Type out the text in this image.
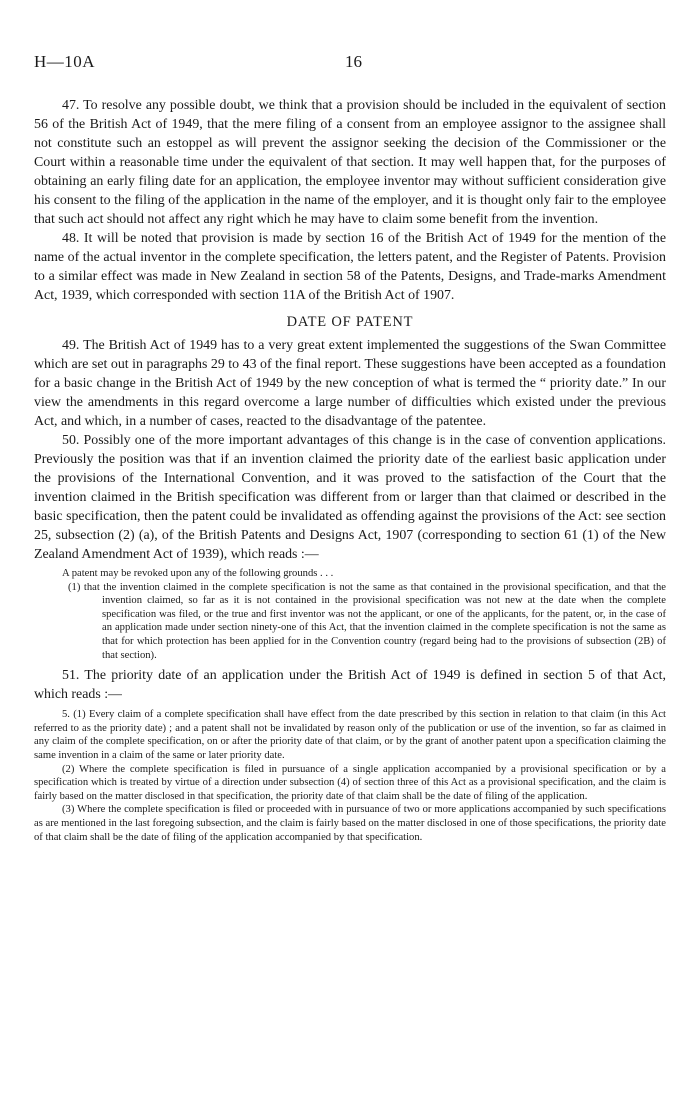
H—10A	16

47. To resolve any possible doubt, we think that a provision should be included in the equivalent of section 56 of the British Act of 1949, that the mere filing of a consent from an employee assignor to the assignee shall not constitute such an estoppel as will prevent the assignor seeking the decision of the Commissioner or the Court within a reasonable time under the equivalent of that section. It may well happen that, for the purposes of obtaining an early filing date for an application, the employee inventor may without sufficient consideration give his consent to the filing of the application in the name of the employer, and it is thought only fair to the employee that such act should not affect any right which he may have to claim some benefit from the invention.

48. It will be noted that provision is made by section 16 of the British Act of 1949 for the mention of the name of the actual inventor in the complete specification, the letters patent, and the Register of Patents. Provision to a similar effect was made in New Zealand in section 58 of the Patents, Designs, and Trade-marks Amendment Act, 1939, which corresponded with section 11A of the British Act of 1907.

DATE OF PATENT

49. The British Act of 1949 has to a very great extent implemented the suggestions of the Swan Committee which are set out in paragraphs 29 to 43 of the final report. These suggestions have been accepted as a foundation for a basic change in the British Act of 1949 by the new conception of what is termed the “ priority date.” In our view the amendments in this regard overcome a large number of difficulties which existed under the previous Act, and which, in a number of cases, reacted to the disadvantage of the patentee.

50. Possibly one of the more important advantages of this change is in the case of convention applications. Previously the position was that if an invention claimed the priority date of the earliest basic application under the provisions of the International Convention, and it was proved to the satisfaction of the Court that the invention claimed in the British specification was different from or larger than that claimed or described in the basic specification, then the patent could be invalidated as offending against the provisions of the Act: see section 25, subsection (2) (a), of the British Patents and Designs Act, 1907 (corresponding to section 61 (1) of the New Zealand Amendment Act of 1939), which reads :—

A patent may be revoked upon any of the following grounds . . .

(1) that the invention claimed in the complete specification is not the same as that contained in the provisional specification, and that the invention claimed, so far as it is not contained in the provisional specification was not new at the date when the complete specification was filed, or the true and first inventor was not the applicant, or one of the applicants, for the patent, or, in the case of an application made under section ninety-one of this Act, that the invention claimed in the complete specification is not the same as that for which protection has been applied for in the Convention country (regard being had to the provisions of subsection (2B) of that section).

51. The priority date of an application under the British Act of 1949 is defined in section 5 of that Act, which reads :—

5. (1) Every claim of a complete specification shall have effect from the date prescribed by this section in relation to that claim (in this Act referred to as the priority date) ; and a patent shall not be invalidated by reason only of the publication or use of the invention, so far as claimed in any claim of the complete specification, on or after the priority date of that claim, or by the grant of another patent upon a specification claiming the same invention in a claim of the same or later priority date.

(2) Where the complete specification is filed in pursuance of a single application accompanied by a provisional specification or by a specification which is treated by virtue of a direction under subsection (4) of section three of this Act as a provisional specification, and the claim is fairly based on the matter disclosed in that specification, the priority date of that claim shall be the date of filing of the application.

(3) Where the complete specification is filed or proceeded with in pursuance of two or more applications accompanied by such specifications as are mentioned in the last foregoing subsection, and the claim is fairly based on the matter disclosed in one of those specifications, the priority date of that claim shall be the date of filing of the application accompanied by that specification.
